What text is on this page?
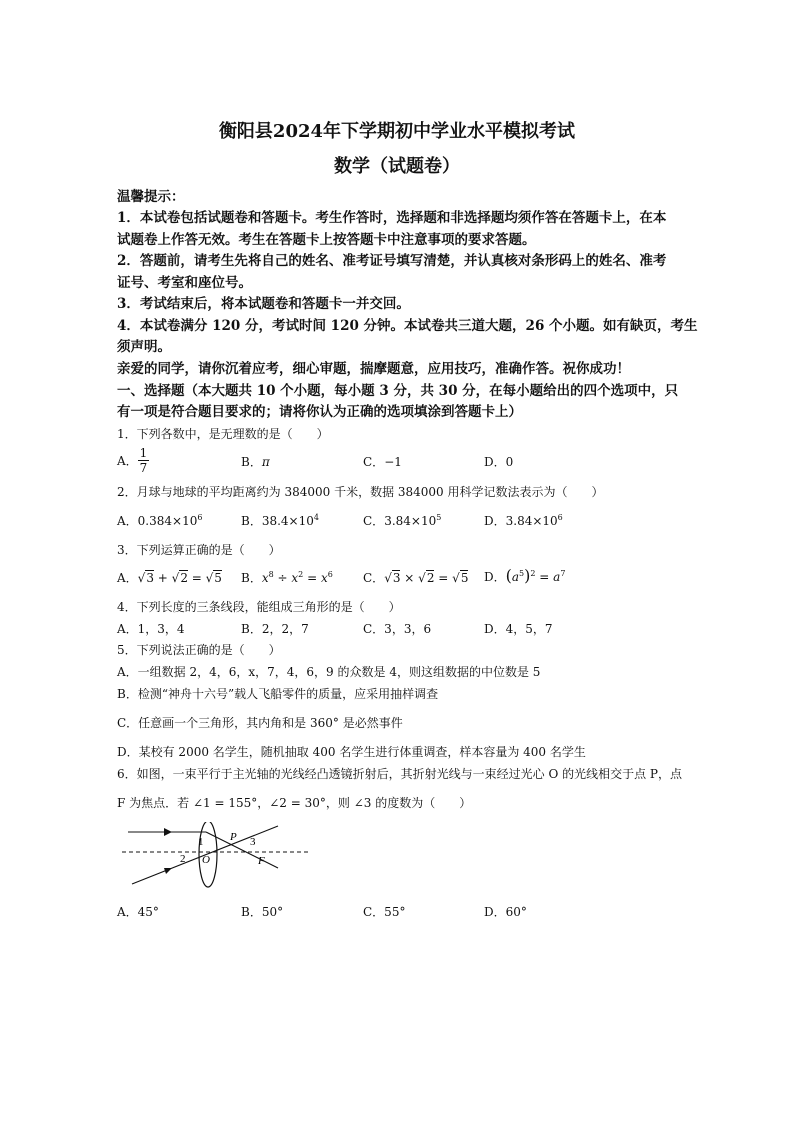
衡阳县2024年下学期初中学业水平模拟考试
数学（试题卷）
温馨提示：
1．本试卷包括试题卷和答题卡。考生作答时，选择题和非选择题均须作答在答题卡上，在本
试题卷上作答无效。考生在答题卡上按答题卡中注意事项的要求答题。
2．答题前，请考生先将自己的姓名、准考证号填写清楚，并认真核对条形码上的姓名、准考
证号、考室和座位号。
3．考试结束后，将本试题卷和答题卡一并交回。
4．本试卷满分 120 分，考试时间 120 分钟。本试卷共三道大题，26 个小题。如有缺页，考生
须声明。
亲爱的同学，请你沉着应考，细心审题，揣摩题意，应用技巧，准确作答。祝你成功！
一、选择题（本大题共 10 个小题，每小题 3 分，共 30 分，在每小题给出的四个选项中，只
有一项是符合题目要求的；请将你认为正确的选项填涂到答题卡上）
1．下列各数中，是无理数的是（　　）
A． $\frac{1}{7}$	B．π	C．−1	D．0
2．月球与地球的平均距离约为 384000 千米，数据 384000 用科学记数法表示为（　　）
A．$0.384\times 10^6$	B．$38.4\times 10^4$	C．$3.84\times 10^5$	D．$3.84\times 10^6$
3．下列运算正确的是（　　）
A．√3 + √2 = √5 B．$x^8 \div x^2 = x^6$	C．√3 × √2 = √5 D．$(a^5)^2 = a^7$
4．下列长度的三条线段，能组成三角形的是（　　）
A．1，3，4	B．2，2，7	C．3，3，6	D．4，5，7
5．下列说法正确的是（　　）
A．一组数据 2，4，6，x，7，4，6，9 的众数是 4，则这组数据的中位数是 5
B．检测“神舟十六号”载人飞船零件的质量，应采用抽样调查
C．任意画一个三角形，其内角和是 360° 是必然事件
D．某校有 2000 名学生，随机抽取 400 名学生进行体重调查，样本容量为 400 名学生
6．如图，一束平行于主光轴的光线经凸透镜折射后，其折射光线与一束经过光心 O 的光线相交于点 P，点
F 为焦点．若 ∠1 = 155°，∠2 = 30°，则 ∠3 的度数为（　　）
1
2
3
P
O	F
A．45°	B．50°	C．55°	D．60°
